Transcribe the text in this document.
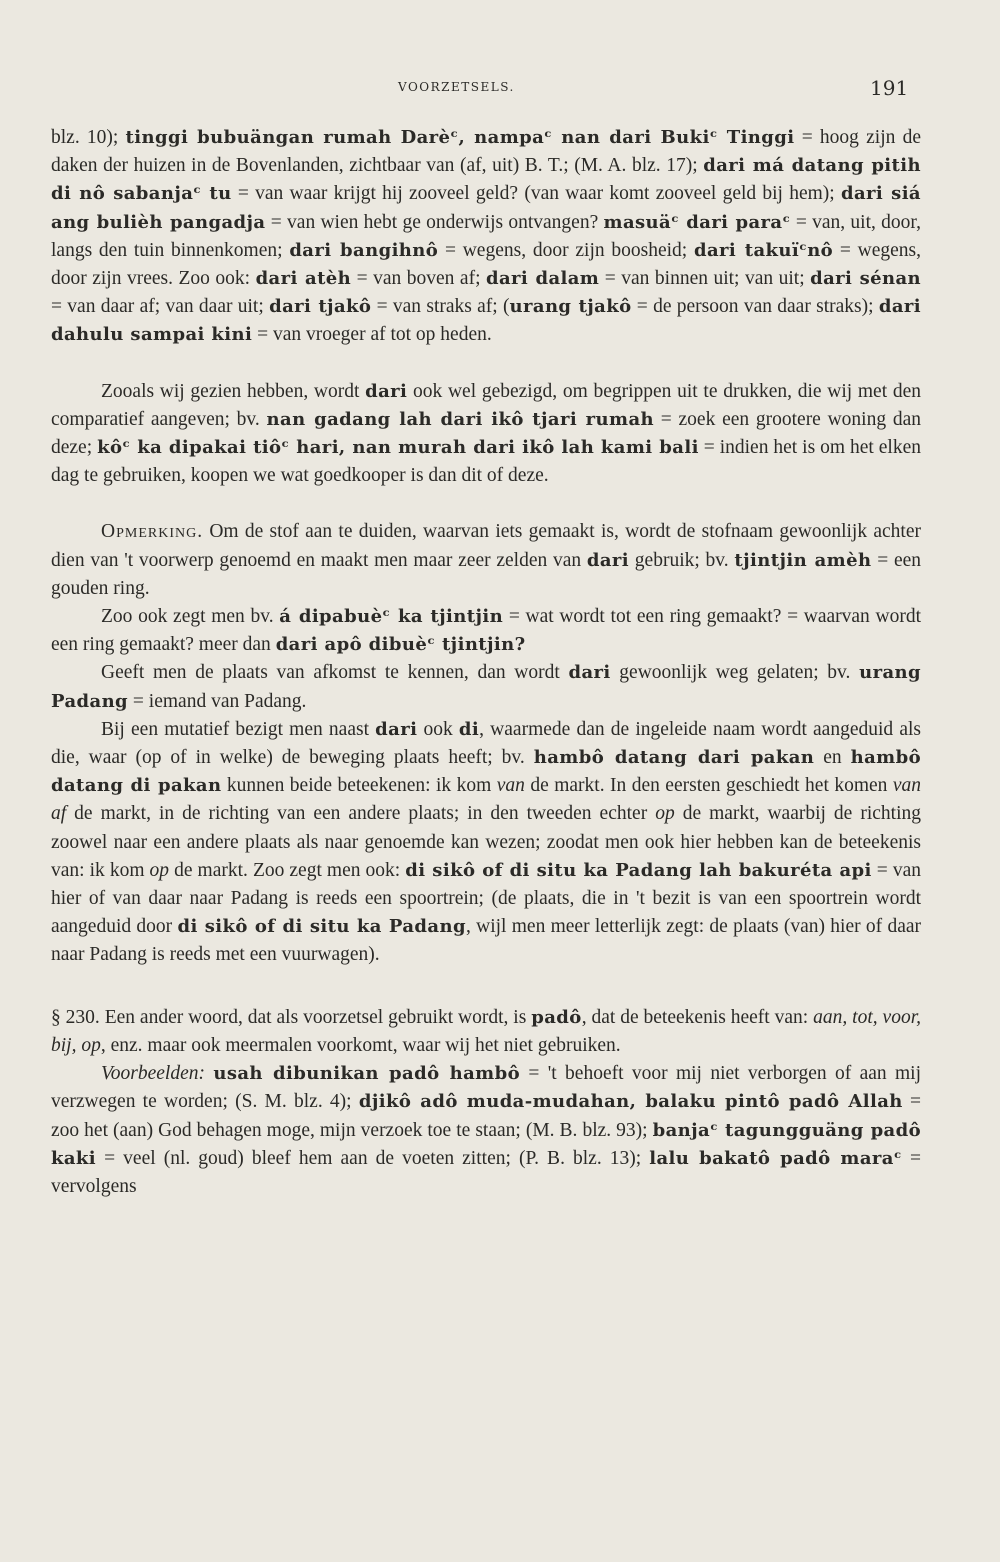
VOORZETSELS.	191

blz. 10); tinggi bubuängan rumah Darèᶜ, nampaᶜ nan dari Bukiᶜ Tinggi = hoog zijn de daken der huizen in de Bovenlanden, zichtbaar van (af, uit) B. T.; (M. A. blz. 17); dari má datang pitih di nô sabanjaᶜ tu = van waar krijgt hij zooveel geld? (van waar komt zooveel geld bij hem); dari siá ang bulièh pangadja = van wien hebt ge onderwijs ontvangen? masuäᶜ dari paraᶜ = van, uit, door, langs den tuin binnenkomen; dari bangihnô = wegens, door zijn boosheid; dari takuïᶜnô = wegens, door zijn vrees. Zoo ook: dari atèh = van boven af; dari dalam = van binnen uit; van uit; dari sénan = van daar af; van daar uit; dari tjakô = van straks af; (urang tjakô = de persoon van daar straks); dari dahulu sampai kini = van vroeger af tot op heden.

Zooals wij gezien hebben, wordt dari ook wel gebezigd, om begrippen uit te drukken, die wij met den comparatief aangeven; bv. nan gadang lah dari ikô tjari rumah = zoek een grootere woning dan deze; kôᶜ ka dipakai tiôᶜ hari, nan murah dari ikô lah kami bali = indien het is om het elken dag te gebruiken, koopen we wat goedkooper is dan dit of deze.

Opmerking. Om de stof aan te duiden, waarvan iets gemaakt is, wordt de stofnaam gewoonlijk achter dien van 't voorwerp genoemd en maakt men maar zeer zelden van dari gebruik; bv. tjintjin amèh = een gouden ring.

Zoo ook zegt men bv. á dipabuèᶜ ka tjintjin = wat wordt tot een ring gemaakt? = waarvan wordt een ring gemaakt? meer dan dari apô dibuèᶜ tjintjin?

Geeft men de plaats van afkomst te kennen, dan wordt dari gewoonlijk weg gelaten; bv. urang Padang = iemand van Padang.

Bij een mutatief bezigt men naast dari ook di, waarmede dan de ingeleide naam wordt aangeduid als die, waar (op of in welke) de beweging plaats heeft; bv. hambô datang dari pakan en hambô datang di pakan kunnen beide beteekenen: ik kom van de markt. In den eersten geschiedt het komen van af de markt, in de richting van een andere plaats; in den tweeden echter op de markt, waarbij de richting zoowel naar een andere plaats als naar genoemde kan wezen; zoodat men ook hier hebben kan de beteekenis van: ik kom op de markt. Zoo zegt men ook: di sikô of di situ ka Padang lah bakuréta api = van hier of van daar naar Padang is reeds een spoortrein; (de plaats, die in 't bezit is van een spoortrein wordt aangeduid door di sikô of di situ ka Padang, wijl men meer letterlijk zegt: de plaats (van) hier of daar naar Padang is reeds met een vuurwagen).

§ 230. Een ander woord, dat als voorzetsel gebruikt wordt, is padô, dat de beteekenis heeft van: aan, tot, voor, bij, op, enz. maar ook meermalen voorkomt, waar wij het niet gebruiken.

Voorbeelden: usah dibunikan padô hambô = 't behoeft voor mij niet verborgen of aan mij verzwegen te worden; (S. M. blz. 4); djikô adô muda-mudahan, balaku pintô padô Allah = zoo het (aan) God behagen moge, mijn verzoek toe te staan; (M. B. blz. 93); banjaᶜ tagungguäng padô kaki = veel (nl. goud) bleef hem aan de voeten zitten; (P. B. blz. 13); lalu bakatô padô maraᶜ = vervolgens
